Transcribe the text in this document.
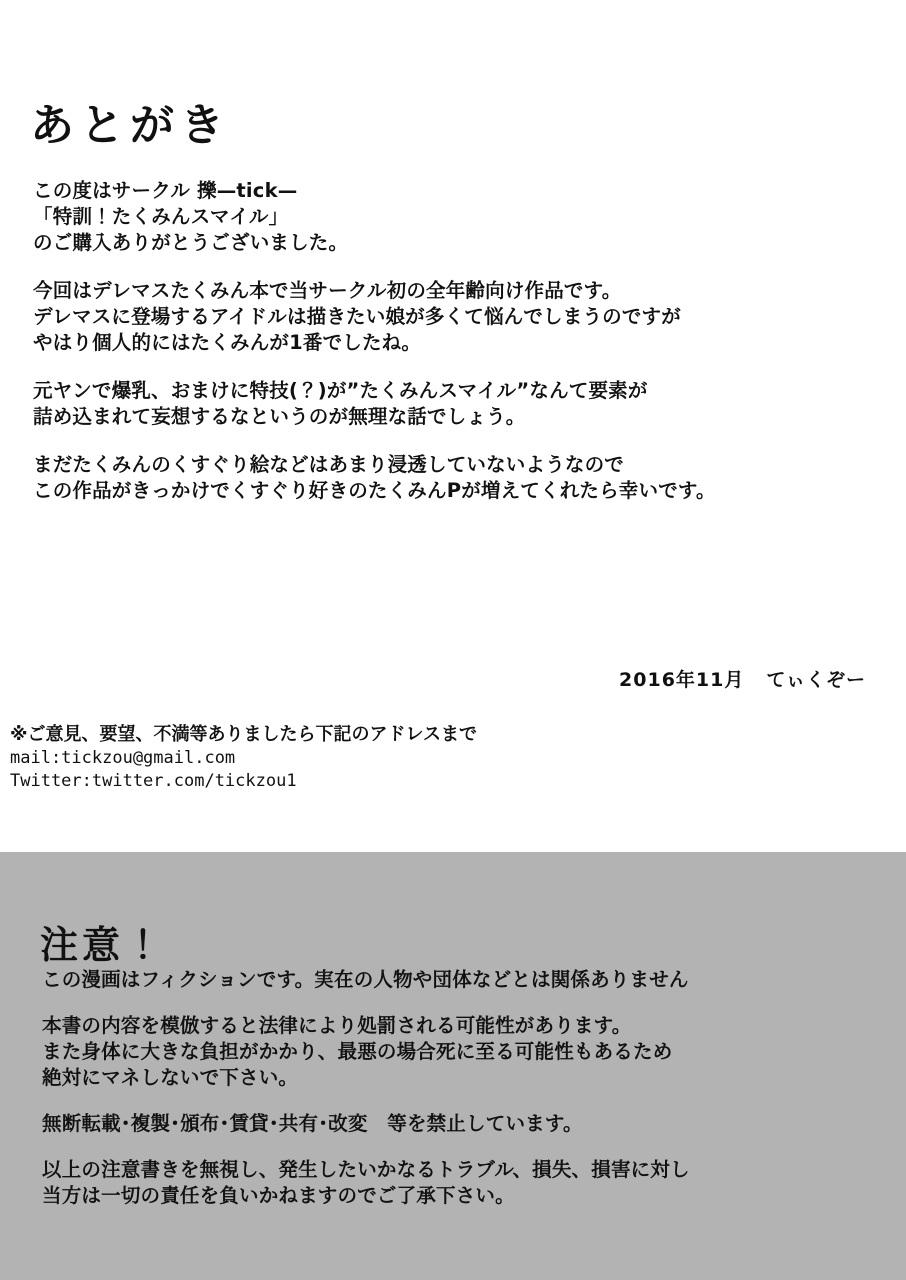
あとがき
この度はサークル 擽—tick—
「特訓！たくみんスマイル」
のご購入ありがとうございました。
今回はデレマスたくみん本で当サークル初の全年齢向け作品です。
デレマスに登場するアイドルは描きたい娘が多くて悩んでしまうのですが
やはり個人的にはたくみんが1番でしたね。
元ヤンで爆乳、おまけに特技(？)が”たくみんスマイル”なんて要素が
詰め込まれて妄想するなというのが無理な話でしょう。
まだたくみんのくすぐり絵などはあまり浸透していないようなので
この作品がきっかけでくすぐり好きのたくみんPが増えてくれたら幸いです。
2016年11月 てぃくぞー
※ご意見、要望、不満等ありましたら下記のアドレスまで
mail:tickzou@gmail.com
Twitter:twitter.com/tickzou1
注意！
この漫画はフィクションです。実在の人物や団体などとは関係ありません
本書の内容を模倣すると法律により処罰される可能性があります。
また身体に大きな負担がかかり、最悪の場合死に至る可能性もあるため
絶対にマネしないで下さい。
無断転載･複製･頒布･賃貸･共有･改変　等を禁止しています。
以上の注意書きを無視し、発生したいかなるトラブル、損失、損害に対し
当方は一切の責任を負いかねますのでご了承下さい。
